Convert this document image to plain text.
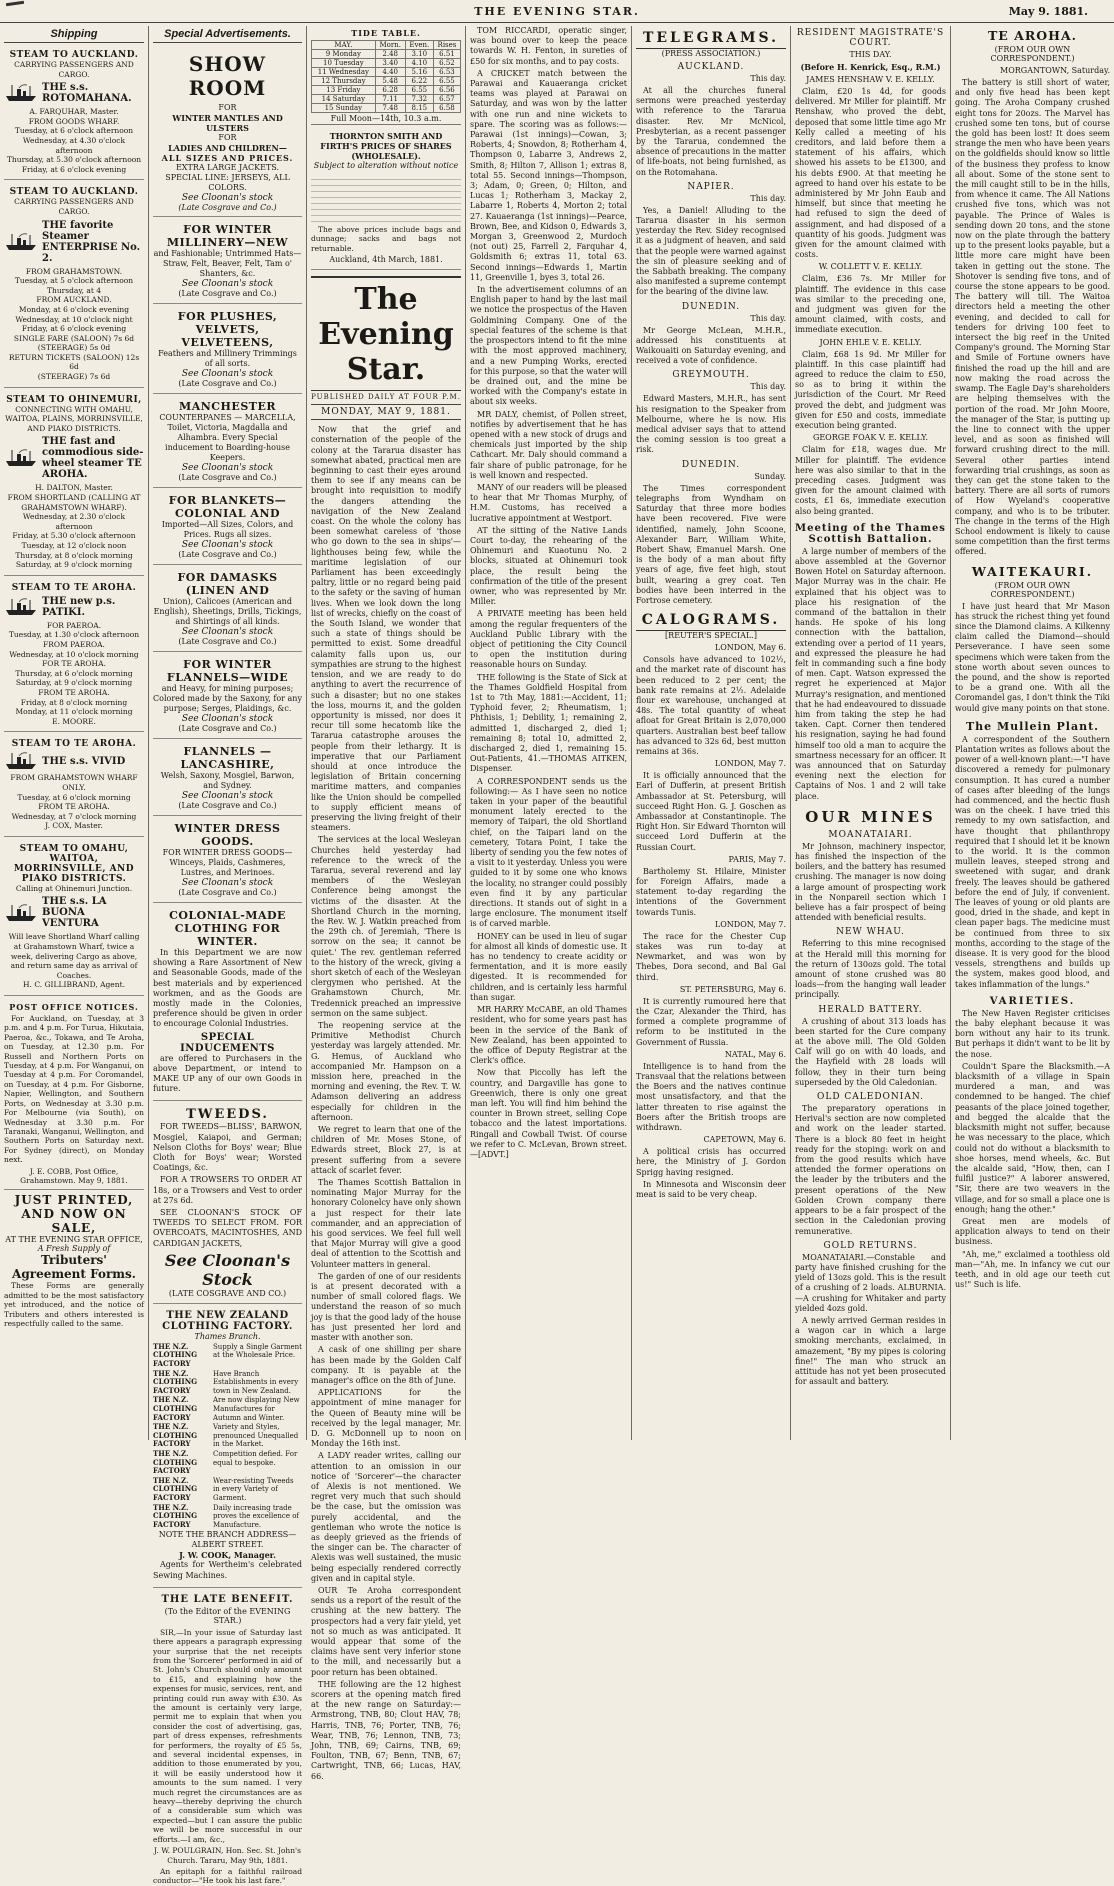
THE EVENING STAR.	May 9. 1881.
Shipping
STEAM TO AUCKLAND.
CARRYING PASSENGERS AND CARGO.
THE s.s. ROTOMAHANA.
A. FARQUHAR, Master.
FROM GOODS WHARF.
Tuesday, at 6 o'clock afternoon
Wednesday, at 4.30 o'clock afternoon
Thursday, at 5.30 o'clock afternoon
Friday, at 6 o'clock evening
STEAM TO AUCKLAND.
CARRYING PASSENGERS AND CARGO.
THE favorite Steamer ENTERPRISE No. 2.
FROM GRAHAMSTOWN.
Tuesday, at 5 o'clock afternoon
Thursday, at 4
FROM AUCKLAND.
Monday, at 6 o'clock evening
Wednesday, at 10 o'clock night
Friday, at 6 o'clock evening
SINGLE FARE (SALOON) 7s 6d
(STEERAGE) 5s 0d
RETURN TICKETS (SALOON) 12s 6d
(STEERAGE) 7s 6d
STEAM TO OHINEMURI,
CONNECTING WITH OMAHU, WAITOA, PLAINS, MORRINSVILLE, AND PIAKO DISTRICTS.
THE fast and commodious side-wheel steamer TE AROHA.
H. DALTON, Master.
FROM SHORTLAND (CALLING AT GRAHAMSTOWN WHARF).
Wednesday, at 2.30 o'clock afternoon
Friday, at 5.30 o'clock afternoon
Tuesday, at 12 o'clock noon
Thursday, at 8 o'clock morning
Saturday, at 9 o'clock morning
STEAM TO TE AROHA.
THE new p.s. PATIKI.
FOR PAEROA.
Tuesday, at 1.30 o'clock afternoon
FROM PAEROA.
Wednesday, at 10 o'clock morning
FOR TE AROHA.
Thursday, at 6 o'clock morning
Saturday, at 9 o'clock morning
FROM TE AROHA.
Friday, at 8 o'clock morning
Monday, at 11 o'clock morning
E. MOORE.
STEAM TO TE AROHA.
THE s.s. VIVID
FROM GRAHAMSTOWN WHARF ONLY.
Tuesday, at 6 o'clock morning
FROM TE AROHA.
Wednesday, at 7 o'clock morning
J. COX, Master.
STEAM TO OMAHU, WAITOA, MORRINSVILLE, AND PIAKO DISTRICTS.
Calling at Ohinemuri Junction.
THE s.s. LA BUONA VENTURA
Will leave Shortland Wharf calling at Grahamstown Wharf, twice a week, delivering Cargo as above, and return same day as arrival of Coaches.
H. C. GILLIBRAND, Agent.
POST OFFICE NOTICES.
For Auckland, on Tuesday, at 3 p.m. and 4 p.m. For Turua, Hikutaia, Paeroa, &c., Tokawa, and Te Aroha, on Tuesday, at 12.30 p.m. For Russell and Northern Ports on Tuesday, at 4 p.m. For Wanganui, on Tuesday at 4 p.m. For Coromandel, on Tuesday, at 4 p.m. For Gisborne, Napier, Wellington, and Southern Ports, on Wednesday at 3.30 p.m. For Melbourne (via South), on Wednesday at 3.30 p.m. For Taranaki, Wanganui, Wellington, and Southern Ports on Saturday next. For Sydney (direct), on Monday next.
J. E. COBB, Post Office, Grahamstown. May 9, 1881.
JUST PRINTED, AND NOW ON SALE,
AT THE EVENING STAR OFFICE,
A Fresh Supply of
Tributers' Agreement Forms.
These Forms are generally admitted to be the most satisfactory yet introduced, and the notice of Tributers and others interested is respectfully called to the same.
Special Advertisements.
SHOW ROOM
FOR
WINTER MANTLES AND ULSTERS
FOR
LADIES AND CHILDREN—
ALL SIZES AND PRICES.
EXTRA LARGE JACKETS.
SPECIAL LINE: JERSEYS, ALL COLORS.
See Cloonan's stock
(Late Cosgrave and Co.)
FOR WINTER MILLINERY—NEW
and Fashionable; Untrimmed Hats—Straw, Felt, Beaver, Felt, Tam o' Shanters, &c.
See Cloonan's stock
(Late Cosgrave and Co.)
FOR PLUSHES, VELVETS, VELVETEENS,
Feathers and Millinery Trimmings of all sorts.
See Cloonan's stock
(Late Cosgrave and Co.)
MANCHESTER
COUNTERPANES — MARCELLA, Toilet, Victoria, Magdalla and Alhambra. Every Special inducement to Boarding-house Keepers.
See Cloonan's stock
(Late Cosgrave and Co.)
FOR BLANKETS—COLONIAL AND
Imported—All Sizes, Colors, and Prices. Rugs all sizes.
See Cloonan's stock
(Late Cosgrave and Co.)
FOR DAMASKS (LINEN AND
Union), Calicoes (American and English), Sheetings, Drills, Tickings, and Shirtings of all kinds.
See Cloonan's stock
(Late Cosgrave and Co.)
FOR WINTER FLANNELS—WIDE
and Heavy, for mining purposes; Colored made by the Saxony, for any purpose; Serges, Plaidings, &c.
See Cloonan's stock
(Late Cosgrave and Co.)
FLANNELS — LANCASHIRE,
Welsh, Saxony, Mosgiel, Barwon, and Sydney.
See Cloonan's stock
(Late Cosgrave and Co.)
WINTER DRESS GOODS.
FOR WINTER DRESS GOODS—Winceys, Plaids, Cashmeres, Lustres, and Merinoes.
See Cloonan's stock
(Late Cosgrave and Co.)
COLONIAL-MADE CLOTHING FOR WINTER.
In this Department we are now showing a Rare Assortment of New and Seasonable Goods, made of the best materials and by experienced workmen, and as the Goods are mostly made in the Colonies, preference should be given in order to encourage Colonial Industries.
SPECIAL INDUCEMENTS
are offered to Purchasers in the above Department, or intend to MAKE UP any of our own Goods in future.
TWEEDS.
FOR TWEEDS—BLISS', BARWON, Mosgiel, Kaiapoi, and German; Nelson Cloths for Boys' wear; Blue Cloth for Boys' wear; Worsted Coatings, &c.
FOR A TROWSERS TO ORDER AT 18s, or a Trowsers and Vest to order at 27s 6d.
SEE CLOONAN'S STOCK OF TWEEDS TO SELECT FROM. FOR OVERCOATS, MACINTOSHES, AND CARDIGAN JACKETS,
See Cloonan's Stock
(LATE COSGRAVE AND CO.)
THE NEW ZEALAND CLOTHING FACTORY.
Thames Branch.
THE N.Z. CLOTHING FACTORY
Supply a Single Garment at the Wholesale Price.
THE N.Z. CLOTHING FACTORY
Have Branch Establishments in every town in New Zealand.
THE N.Z. CLOTHING FACTORY
Are now displaying New Manufactures for Autumn and Winter.
THE N.Z. CLOTHING FACTORY
Variety and Styles, prenounced Unequalled in the Market.
THE N.Z. CLOTHING FACTORY
Competition defied. For equal to bespoke.
THE N.Z. CLOTHING FACTORY
Wear-resisting Tweeds in every Variety of Garment.
THE N.Z. CLOTHING FACTORY
Daily increasing trade proves the excellence of Manufacture.
NOTE THE BRANCH ADDRESS— ALBERT STREET.
J. W. COOK, Manager.
Agents for Wertheim's celebrated Sewing Machines.
THE LATE BENEFIT.
(To the Editor of the EVENING STAR.)
SIR,—In your issue of Saturday last there appears a paragraph expressing your surprise that the net receipts from the 'Sorcerer' performed in aid of St. John's Church should only amount to £15, and explaining how the expenses for music, services, rent, and printing could run away with £30. As the amount is certainly very large, permit me to explain that when you consider the cost of advertising, gas, part of dress expenses, refreshments for performers, the royalty of £5 5s, and several incidental expenses, in addition to those enumerated by you, it will be easily understood how it amounts to the sum named. I very much regret the circumstances are as heavy—thereby depriving the church of a considerable sum which was expected—but I can assure the public we will be more successful in our efforts.—I am, &c.,
J. W. POULGRAIN, Hon. Sec. St. John's Church. Tararu, May 9th, 1881.
An epitaph for a faithful railroad conductor—"He took his last fare."
TIDE TABLE.
MAY.	Morn.	Even.	Rises
9 Monday	2.48	3.10	6.51
10 Tuesday	3.40	4.10	6.52
11 Wednesday	4.40	5.16	6.53
12 Thursday	5.48	6.22	6.55
13 Friday	6.28	6.55	6.56
14 Saturday	7.11	7.32	6.57
15 Sunday	7.48	8.15	6.58
Full Moon—14th, 10.3 a.m.
THORNTON SMITH AND FIRTH'S PRICES OF SHARES (WHOLESALE).
Subject to alteration without notice
The above prices include bags and dunnage; sacks and bags not returnable.
Auckland, 4th March, 1881.
The Evening Star.
PUBLISHED DAILY AT FOUR P.M.
MONDAY, MAY 9, 1881.

Now that the grief and consternation of the people of the colony at the Tararua disaster has somewhat abated, practical men are beginning to cast their eyes around them to see if any means can be brought into requisition to modify the dangers attending the navigation of the New Zealand coast. On the whole the colony has been somewhat careless of 'those who go down to the sea in ships'—lighthouses being few, while the maritime legislation of our Parliament has been exceedingly paltry, little or no regard being paid to the safety or the saving of human lives. When we look down the long list of wrecks, chiefly on the coast of the South Island, we wonder that such a state of things should be permitted to exist. Some dreadful calamity falls upon us, our sympathies are strung to the highest tension, and we are ready to do anything to avert the recurrence of such a disaster; but no one stakes the loss, mourns it, and the golden opportunity is missed, nor does it recur till some hecatomb like the Tararua catastrophe arouses the people from their lethargy. It is imperative that our Parliament should at once introduce the legislation of Britain concerning maritime matters, and companies like the Union should be compelled to supply efficient means of preserving the living freight of their steamers.

The services at the local Wesleyan Churches held yesterday had reference to the wreck of the Tararua, several reverend and lay members of the Wesleyan Conference being amongst the victims of the disaster. At the Shortland Church in the morning, the Rev. W. J. Watkin preached from the 29th ch. of Jeremiah, 'There is sorrow on the sea; it cannot be quiet.' The rev. gentleman referred to the history of the wreck, giving a short sketch of each of the Wesleyan clergymen who perished. At the Grahamstown Church, Mr. Tredennick preached an impressive sermon on the same subject.

The reopening service at the Primitive Methodist Church yesterday was largely attended. Mr. G. Hemus, of Auckland who accompanied Mr. Hampson on a mission here, preached in the morning and evening, the Rev. T. W. Adamson delivering an address especially for children in the afternoon.

We regret to learn that one of the children of Mr. Moses Stone, of Edwards street, Block 27, is at present suffering from a severe attack of scarlet fever.

The Thames Scottish Battalion in nominating Major Murray for the honorary Colonelcy have only shown a just respect for their late commander, and an appreciation of his good services. We feel full well that Major Murray will give a good deal of attention to the Scottish and Volunteer matters in general.

The garden of one of our residents is at present decorated with a number of small colored flags. We understand the reason of so much joy is that the good lady of the house has just presented her lord and master with another son.

A cask of one shilling per share has been made by the Golden Calf company. It is payable at the manager's office on the 8th of June.

APPLICATIONS for the appointment of mine manager for the Queen of Beauty mine will be received by the legal manager, Mr. D. G. McDonnell up to noon on Monday the 16th inst.

A LADY reader writes, calling our attention to an omission in our notice of 'Sorcerer'—the character of Alexis is not mentioned. We regret very much that such should be the case, but the omission was purely accidental, and the gentleman who wrote the notice is as deeply grieved as the friends of the singer can be. The character of Alexis was well sustained, the music being especially rendered correctly given and in capital style.

OUR Te Aroha correspondent sends us a report of the result of the crushing at the new battery. The prospectors had a very fair yield, yet not so much as was anticipated. It would appear that some of the claims have sent very inferior stone to the mill, and necessarily but a poor return has been obtained.

THE following are the 12 highest scorers at the opening match fired at the new range on Saturday:—Armstrong, TNB, 80; Clout HAV, 78; Harris, TNB, 76; Porter, TNB, 76; Wear, TNB, 76; Lennon, TNB, 73; John, TNB, 69; Cairns, TNB, 69; Foulton, TNB, 67; Benn, TNB, 67; Cartwright, TNB, 66; Lucas, HAV, 66.

TOM RICCARDI, operatic singer, was bound over to keep the peace towards W. H. Fenton, in sureties of £50 for six months, and to pay costs.

A CRICKET match between the Parawai and Kauaeranga cricket teams was played at Parawai on Saturday, and was won by the latter with one run and nine wickets to spare. The scoring was as follows:—Parawai (1st innings)—Cowan, 3; Roberts, 4; Snowdon, 8; Rotherham 4, Thompson 0, Labarre 3, Andrews 2, Smith, 8; Hilton 7, Allison 1; extras 8, total 55. Second innings—Thompson, 3; Adam, 0; Green, 0; Hilton, and Lucas 1; Rotherham 3, Mackay 2, Labarre 1, Roberts 4, Morton 2; total 27. Kauaeranga (1st innings)—Pearce, Brown, Bee, and Kidson 0, Edwards 3, Morgan 3, Greenwood 2, Murdoch (not out) 25, Farrell 2, Farquhar 4, Goldsmith 6; extras 11, total 63. Second innings—Edwards 1, Martin 11, Greenville 1, byes 3, total 26.

In the advertisement columns of an English paper to hand by the last mail we notice the prospectus of the Haven Goldmining Company. One of the special features of the scheme is that the prospectors intend to fit the mine with the most approved machinery, and a new Pumping Works, erected for this purpose, so that the water will be drained out, and the mine be worked with the Company's estate in about six weeks.

MR DALY, chemist, of Pollen street, notifies by advertisement that he has opened with a new stock of drugs and chemicals just imported by the ship Cathcart. Mr. Daly should command a fair share of public patronage, for he is well known and respected.

MANY of our readers will be pleased to hear that Mr Thomas Murphy, of H.M. Customs, has received a lucrative appointment at Westport.

AT the sitting of the Native Lands Court to-day, the rehearing of the Ohinemuri and Kuaotunu No. 2 blocks, situated at Ohinemuri took place, the result being the confirmation of the title of the present owner, who was represented by Mr. Miller.

A PRIVATE meeting has been held among the regular frequenters of the Auckland Public Library with the object of petitioning the City Council to open the institution during reasonable hours on Sunday.

THE following is the State of Sick at the Thames Goldfield Hospital from 1st to 7th May, 1881:—Accident, 11; Typhoid fever, 2; Rheumatism, 1; Phthisis, 1; Debility, 1; remaining 2, admitted 1, discharged 2, died 1; remaining 8; total 10, admitted 2, discharged 2, died 1, remaining 15. Out-Patients, 41.—THOMAS AITKEN, Dispenser.

A CORRESPONDENT sends us the following:— As I have seen no notice taken in your paper of the beautiful monument lately erected to the memory of Taipari, the old Shortland chief, on the Taipari land on the cemetery, Totara Point, I take the liberty of sending you the few notes of a visit to it yesterday. Unless you were guided to it by some one who knows the locality, no stranger could possibly even find it by any particular directions. It stands out of sight in a large enclosure. The monument itself is of carved marble.

HONEY can be used in lieu of sugar for almost all kinds of domestic use. It has no tendency to create acidity or fermentation, and it is more easily digested. It is recommended for children, and is certainly less harmful than sugar.

MR HARRY McCABE, an old Thames resident, who for some years past has been in the service of the Bank of New Zealand, has been appointed to the office of Deputy Registrar at the Clerk's office.

Now that Piccolly has left the country, and Dargaville has gone to Greenwich, there is only one great man left. You will find him behind the counter in Brown street, selling Cope tobacco and the latest importations. Ringall and Cowball Twist. Of course we refer to C. McLevan, Brown street.—[ADVT.]

TELEGRAMS.
(PRESS ASSOCIATION.)
AUCKLAND.
This day.

At all the churches funeral sermons were preached yesterday with reference to the Tararua disaster. Rev. Mr McNicol, Presbyterian, as a recent passenger by the Tararua, condemned the absence of precautions in the matter of life-boats, not being furnished, as on the Rotomahana.

NAPIER.
This day.

Yes, a Daniel! Alluding to the Tararua disaster in his sermon yesterday the Rev. Sidey recognised it as a judgment of heaven, and said that the people were warned against the sin of pleasure seeking and of the Sabbath breaking. The company also manifested a supreme contempt for the bearing of the divine law.

DUNEDIN.
This day.

Mr George McLean, M.H.R., addressed his constituents at Waikouaiti on Saturday evening, and received a vote of confidence.

GREYMOUTH.
This day.

Edward Masters, M.H.R., has sent his resignation to the Speaker from Melbourne, where he is now. His medical adviser says that to attend the coming session is too great a risk.

DUNEDIN.
Sunday.

The Times correspondent telegraphs from Wyndham on Saturday that three more bodies have been recovered. Five were identified, namely, John Scoone, Alexander Barr, William White, Robert Shaw, Emanuel Marsh. One is the body of a man about fifty years of age, five feet high, stout built, wearing a grey coat. Ten bodies have been interred in the Fortrose cemetery.

CALOGRAMS.
[REUTER'S SPECIAL.]
LONDON, May 6.

Consols have advanced to 102½, and the market rate of discount has been reduced to 2 per cent; the bank rate remains at 2½. Adelaide flour ex warehouse, unchanged at 48s. The total quantity of wheat afloat for Great Britain is 2,070,000 quarters. Australian best beef tallow has advanced to 32s 6d, best mutton remains at 36s.

LONDON, May 7.

It is officially announced that the Earl of Dufferin, at present British Ambassador at St. Petersburg, will succeed Right Hon. G. J. Goschen as Ambassador at Constantinople. The Right Hon. Sir Edward Thornton will succeed Lord Dufferin at the Russian Court.

PARIS, May 7.

Bartholemy St. Hilaire, Minister for Foreign Affairs, made a statement to-day regarding the intentions of the Government towards Tunis.

LONDON, May 7.

The race for the Chester Cup stakes was run to-day at Newmarket, and was won by Thebes, Dora second, and Bal Gal third.

ST. PETERSBURG, May 6.

It is currently rumoured here that the Czar, Alexander the Third, has formed a complete programme of reform to be instituted in the Government of Russia.

NATAL, May 6.

Intelligence is to hand from the Transvaal that the relations between the Boers and the natives continue most unsatisfactory, and that the latter threaten to rise against the Boers after the British troops are withdrawn.

CAPETOWN, May 6.

A political crisis has occurred here, the Ministry of J. Gordon Sprigg having resigned.

In Minnesota and Wisconsin deer meat is said to be very cheap.

RESIDENT MAGISTRATE'S COURT.
THIS DAY.
(Before H. Kenrick, Esq., R.M.)
JAMES HENSHAW V. E. KELLY.

Claim, £20 1s 4d, for goods delivered. Mr Miller for plaintiff. Mr Renshaw, who proved the debt, deposed that some little time ago Mr Kelly called a meeting of his creditors, and laid before them a statement of his affairs, which showed his assets to be £1300, and his debts £900. At that meeting he agreed to hand over his estate to be administered by Mr John Eaub and himself, but since that meeting he had refused to sign the deed of assignment, and had disposed of a quantity of his goods. Judgment was given for the amount claimed with costs.

W. COLLETT V. E. KELLY.

Claim, £36 7s. Mr Miller for plaintiff. The evidence in this case was similar to the preceding one, and judgment was given for the amount claimed, with costs, and immediate execution.

JOHN EHLE V. E. KELLY.

Claim, £68 1s 9d. Mr Miller for plaintiff. In this case plaintiff had agreed to reduce the claim to £50, so as to bring it within the jurisdiction of the Court. Mr Reed proved the debt, and judgment was given for £50 and costs, immediate execution being granted.

GEORGE FOAK V. E. KELLY.

Claim for £18, wages due. Mr Miller for plaintiff. The evidence here was also similar to that in the preceding cases. Judgment was given for the amount claimed with costs, £1 6s, immediate execution also being granted.

Meeting of the Thames Scottish Battalion.
A large number of members of the above assembled at the Governor Bowen Hotel on Saturday afternoon. Major Murray was in the chair. He explained that his object was to place his resignation of the command of the battalion in their hands. He spoke of his long connection with the battalion, extending over a period of 11 years, and expressed the pleasure he had felt in commanding such a fine body of men. Capt. Watson expressed the regret he experienced at Major Murray's resignation, and mentioned that he had endeavoured to dissuade him from taking the step he had taken. Capt. Corner then tendered his resignation, saying he had found himself too old a man to acquire the smartness necessary for an officer. It was announced that on Saturday evening next the election for Captains of Nos. 1 and 2 will take place.
OUR MINES
MOANATAIARI.

Mr Johnson, machinery inspector, has finished the inspection of the boilers, and the battery has resumed crushing. The manager is now doing a large amount of prospecting work in the Nonpareil section which I believe has a fair prospect of being attended with beneficial results.

NEW WHAU.

Referring to this mine recognised at the Herald mill this morning for the return of 130ozs gold. The total amount of stone crushed was 80 loads—from the hanging wall leader principally.

HERALD BATTERY.

A crushing of about 313 loads has been started for the Cure company at the above mill. The Old Golden Calf will go on with 40 loads, and the Hayfield with 28 loads will follow, they in their turn being superseded by the Old Caledonian.

OLD CALEDONIAN.

The preparatory operations in Herival's section are now completed and work on the leader started. There is a block 80 feet in height ready for the stoping: work on and from the good results which have attended the former operations on the leader by the tributers and the present operations of the New Golden Crown company there appears to be a fair prospect of the section in the Caledonian proving remunerative.

GOLD RETURNS.

MOANATAIARI.—Constable and party have finished crushing for the yield of 13ozs gold. This is the result of a crushing of 2 loads. ALBURNIA.—A crushing for Whitaker and party yielded 4ozs gold.

A newly arrived German resides in a wagon car in which a large smoking merchants, exclaimed, in amazement, "By my pipes is coloring fine!" The man who struck an attitude has not yet been prosecuted for assault and battery.
TE AROHA.
(FROM OUR OWN CORRESPONDENT.)
MORGANTOWN, Saturday.
The battery is still short of water, and only five head has been kept going. The Aroha Company crushed eight tons for 20ozs. The Marvel has crushed some ten tons, but of course the gold has been lost! It does seem strange the men who have been years on the goldfields should know so little of the business they profess to know all about. Some of the stone sent to the mill caught still to be in the hills, from whence it came. The All Nations crushed five tons, which was not payable. The Prince of Wales is sending down 20 tons, and the stone now on the plate through the battery up to the present looks payable, but a little more care might have been taken in getting out the stone. The Shotover is sending five tons, and of course the stone appears to be good. The battery will till. The Waitoa directors held a meeting the other evening, and decided to call for tenders for driving 100 feet to intersect the big reef in the United Company's ground. The Morning Star and Smile of Fortune owners have finished the road up the hill and are now making the road across the swamp. The Eagle Day's shareholders are helping themselves with the portion of the road. Mr John Moore, the manager of the Star, is putting up the line to connect with the upper level, and as soon as finished will forward crushing direct to the mill. Several other parties intend forwarding trial crushings, as soon as they can get the stone taken to the battery. There are all sorts of rumors of How Wyeland's cooperative company, and who is to be tributer. The change in the terms of the High School endowment is likely to cause some competition than the first terms offered.
WAITEKAURI.
(FROM OUR OWN CORRESPONDENT.)
I have just heard that Mr Mason has struck the richest thing yet found since the Diamond claims. A Kilkenny claim called the Diamond—should Perseverance. I have seen some specimens which were taken from the stone worth about seven ounces to the pound, and the show is reported to be a grand one. With all the Coromandel gas, I don't think the Tiki would give many points on that stone.
The Mullein Plant.
A correspondent of the Southern Plantation writes as follows about the power of a well-known plant:—"I have discovered a remedy for pulmonary consumption. It has cured a number of cases after bleeding of the lungs had commenced, and the hectic flush was on the cheek. I have tried this remedy to my own satisfaction, and have thought that philanthropy required that I should let it be known to the world. It is the common mullein leaves, steeped strong and sweetened with sugar, and drank freely. The leaves should be gathered before the end of July, if convenient. The leaves of young or old plants are good, dried in the shade, and kept in clean paper bags. The medicine must be continued from three to six months, according to the stage of the disease. It is very good for the blood vessels, strengthens and builds up the system, makes good blood, and takes inflammation of the lungs."
VARIETIES.

The New Haven Register criticises the baby elephant because it was born without any hair to its trunk. But perhaps it didn't want to be lit by the nose.

Couldn't Spare the Blacksmith.—A blacksmith of a village in Spain murdered a man, and was condemned to be hanged. The chief peasants of the place joined together, and begged the alcalde that the blacksmith might not suffer, because he was necessary to the place, which could not do without a blacksmith to shoe horses, mend wheels, &c. But the alcalde said, "How, then, can I fulfil justice?" A laborer answered, "Sir, there are two weavers in the village, and for so small a place one is enough; hang the other."

Great men are models of application always to tend on their business.

"Ah, me," exclaimed a toothless old man—"Ah, me. In infancy we cut our teeth, and in old age our teeth cut us!" Such is life.
